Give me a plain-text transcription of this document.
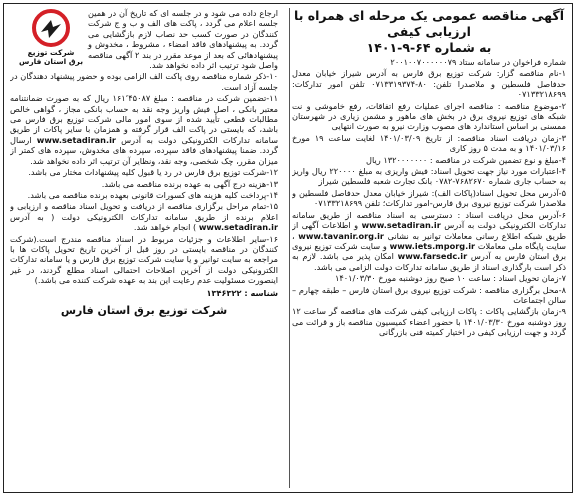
آگهی مناقصه عمومی یک مرحله ای همراه با ارزیابی کیفی
به شماره ۶۴-۹-۱۴۰۱
شماره فراخوان در سامانه ستاد ۲۰۰۱۰۰۷۰۰۰۰۰۰۷۹
۱-نام مناقصه گزار: شرکت توزیع برق فارس به آدرس شیراز خیابان معدل حدفاصل فلسطین و ملاصدرا تلفن: ۸۰-۰۷۱۳۳۱۹۳۷۴ تلفن امور تدارکات: ۰۷۱۳۳۲۱۸۶۹۹
۲-موضوع مناقصه : مناقصه اجرای عملیات رفع اتفاقات، رفع خاموشی و نت شبکه های توزیع نیروی برق در بخش های ماهور و مشمن زیاری در شهرستان ممسنی بر اساس استاندارد های مصوب وزارت نیرو به صورت انتهایی
۳-زمان دریافت اسناد مناقصه: از تاریخ ۱۴۰۱/۰۳/۰۹ لغایت ساعت ۱۹ مورخ ۱۴۰۱/۰۳/۱۶ و به مدت ۵ روز کاری
۴-مبلغ و نوع تضمین شرکت در مناقصه : ۱۳۲۰۰۰۰۰۰۰ ریال
۴-اعتبارات مورد نیاز جهت تحویل اسناد: فیش واریزی به مبلغ ۲۲۰۰۰۰ ریال واریز به حساب جاری شماره ۷۶۸۲۶۷۰-۰۷۸۲ بانک تجارت شعبه فلسطین شیراز
۵-آدرس محل تحویل اسناد(پاکات الف): شیراز خیابان معدل حدفاصل فلسطین و ملاصدرا شرکت توزیع نیروی برق فارس-امور تدارکات؛ تلفن ۰۷۱۳۳۲۱۸۶۹۹
۶-آدرس محل دریافت اسناد : دسترسی به اسناد مناقصه از طریق سامانه تدارکات الکترونیکی دولت به آدرس www.setadiran.ir و اطلاعات آگهی از طریق شبکه اطلاع رسانی معاملات توانیر به نشانی www.tavanir.org.ir ، سایت پایگاه ملی معاملات www.iets.mporg.ir و سایت شرکت توزیع نیروی برق استان فارس به آدرس www.farsedc.ir امکان پذیر می باشد. لازم به ذکر است بارگذاری اسناد از طریق سامانه تدارکات دولت الزامی می باشد.
۷-زمان تحویل اسناد : ساعت ۱۰ صبح روز دوشنبه مورخ ۱۴۰۱/۰۳/۳۰
۸-محل برگزاری مناقصه : شرکت توزیع نیروی برق استان فارس – طبقه چهارم – سالن اجتماعات
۹-زمان بازگشایی پاکات : پاکات ارزیابی کیفی شرکت های مناقصه گر ساعت ۱۲ روز دوشنبه مورخ ۱۴۰۱/۰۳/۳۰ با حضور اعضاء کمیسیون مناقصه باز و قرائت می گردد و جهت ارزیابی کیفی در اختیار کمیته فنی بازرگانی
شرکت توزیع
برق استان فارس
ارجاع داده می شود و در جلسه ای که تاریخ آن در همین جلسه اعلام می گردد ، پاکت های الف و ب و ج شرکت کنندگان در صورت کسب حد نصاب لازم بازگشایی می گردد. به پیشنهادهای فاقد امضاء ، مشروط ، مخدوش و پیشنهادهائی که بعد از موعد مقرر در بند ۲ آگهی مناقصه واصل شود ترتیب اثر داده نخواهد شد.
۱۰-ذکر شماره مناقصه روی پاکت الف الزامی بوده و حضور پیشنهاد دهندگان در جلسه آزاد است.
۱۱-تضمین شرکت در مناقصه : مبلغ ۱۶۱٬۴۵۰۸۷ ریال که به صورت ضمانتنامه معتبر بانکی ، اصل فیش واریز وجه نقد به حساب بانکی مجاز ، گواهی خالص مطالبات قطعی تأیید شده از سوی امور مالی شرکت توزیع برق فارس می باشد، که بایستی در پاکت الف قرار گرفته و همزمان با سایر پاکات از طریق سامانه تدارکات الکترونیکی دولت به آدرس www.setadiran.ir ارسال گردد. ضمنا پیشنهادهای فاقد سپرده، سپرده های مخدوش، سپرده های کمتر از میزان مقرر، چک شخصی، وجه نقد، ونظایر آن ترتیب اثر داده نخواهد شد.
۱۲-شرکت توزیع برق فارس در رد یا قبول کلیه پیشنهادات مختار می باشد.
۱۳-هزینه درج آگهی به عهده برنده مناقصه می باشد.
۱۴-پرداخت کلیه هزینه های کسورات قانونی بعهده برنده مناقصه می باشد.
۱۵-تمام مراحل برگزاری مناقصه از دریافت و تحویل اسناد مناقصه و ارزیابی و اعلام برنده از طریق سامانه تدارکات الکترونیکی دولت ( به آدرس www.setadiran.ir ) انجام خواهد شد.
۱۶-سایر اطلاعات و جزئیات مربوط در اسناد مناقصه مندرج است.(شرکت کنندگان در مناقصه بایستی در روز قبل از آخرین تاریخ تحویل پاکات ها با مراجعه به سایت توانیر و یا سایت شرکت توزیع برق فارس و یا سامانه تدارکات الکترونیکی دولت از آخرین اصلاحات احتمالی اسناد مطلع گردند، در غیر اینصورت مسئولیت عدم رعایت این بند به عهده شرکت کننده می باشد.)
شناسه : ۱۳۴۶۳۲۲
شرکت توزیع برق استان فارس
